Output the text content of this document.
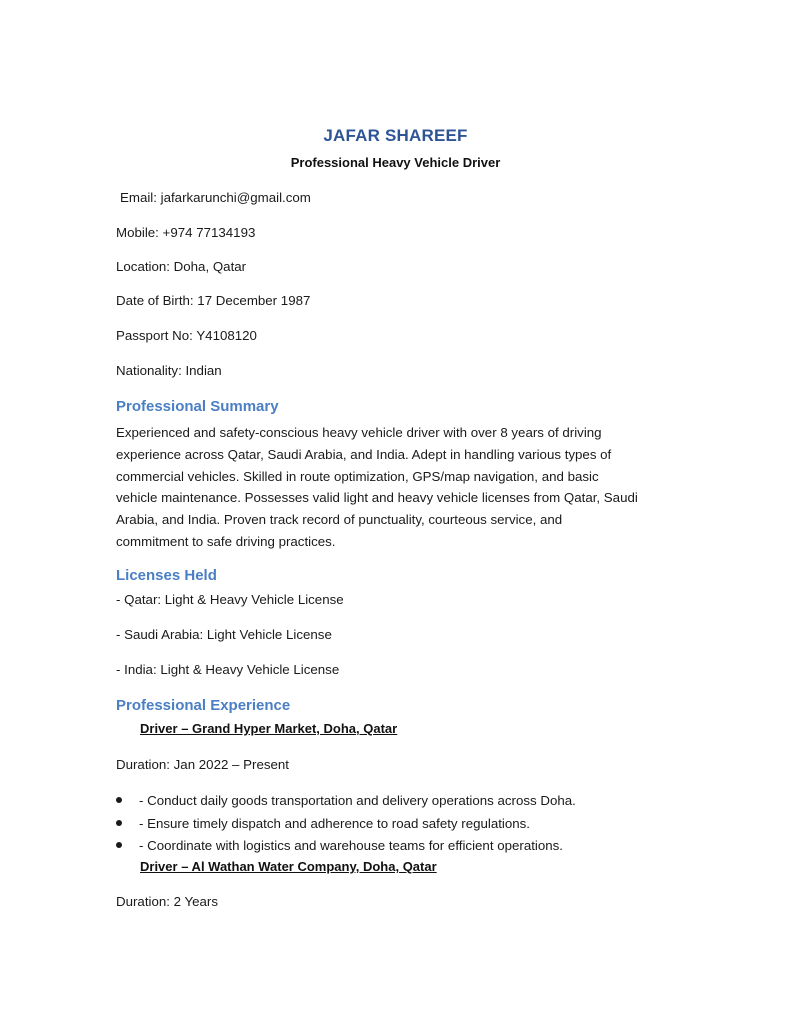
JAFAR SHAREEF
Professional Heavy Vehicle Driver
Email: jafarkarunchi@gmail.com
Mobile: +974 77134193
Location: Doha, Qatar
Date of Birth: 17 December 1987
Passport No: Y4108120
Nationality: Indian
Professional Summary
Experienced and safety-conscious heavy vehicle driver with over 8 years of driving
experience across Qatar, Saudi Arabia, and India. Adept in handling various types of
commercial vehicles. Skilled in route optimization, GPS/map navigation, and basic
vehicle maintenance. Possesses valid light and heavy vehicle licenses from Qatar, Saudi
Arabia, and India. Proven track record of punctuality, courteous service, and
commitment to safe driving practices.
Licenses Held
- Qatar: Light & Heavy Vehicle License
- Saudi Arabia: Light Vehicle License
- India: Light & Heavy Vehicle License
Professional Experience
Driver – Grand Hyper Market, Doha, Qatar
Duration: Jan 2022 – Present
- Conduct daily goods transportation and delivery operations across Doha.
- Ensure timely dispatch and adherence to road safety regulations.
- Coordinate with logistics and warehouse teams for efficient operations.
Driver – Al Wathan Water Company, Doha, Qatar
Duration: 2 Years
